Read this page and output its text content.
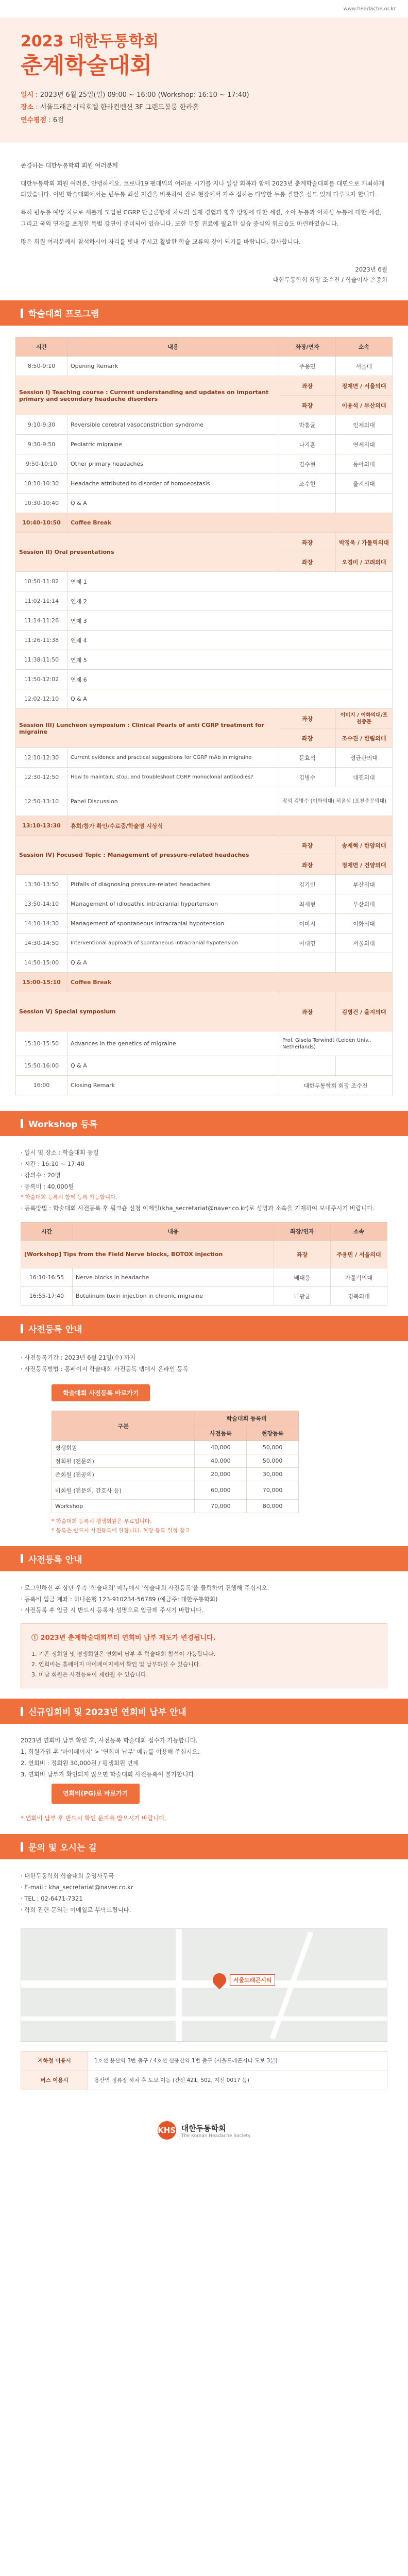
www.headache.or.kr
2023 대한두통학회
춘계학술대회
일시 : 2023년 6월 25일(일) 09:00 ~ 16:00 (Workshop: 16:10 ~ 17:40)
장소 : 서울드래곤시티호텔 한라컨벤션 3F 그랜드볼룸 한라홀
연수평점 : 6점

존경하는 대한두통학회 회원 여러분께

대한두통학회 회원 여러분, 안녕하세요. 코로나19 팬데믹의 어려운 시기를 지나 일상 회복과 함께 2023년 춘계학술대회를 대면으로 개최하게 되었습니다. 이번 학술대회에서는 편두통 최신 지견을 비롯하여 진료 현장에서 자주 접하는 다양한 두통 질환을 심도 있게 다루고자 합니다.

특히 편두통 예방 치료로 새롭게 도입된 CGRP 단클론항체 치료의 실제 경험과 향후 방향에 대한 세션, 소아 두통과 이차성 두통에 대한 세션, 그리고 국외 연자를 초청한 특별 강연이 준비되어 있습니다. 또한 두통 진료에 필요한 실습 중심의 워크숍도 마련하였습니다.

많은 회원 여러분께서 참석하시어 자리를 빛내 주시고 활발한 학술 교류의 장이 되기를 바랍니다. 감사합니다.

2023년 6월
대한두통학회 회장 조수진 / 학술이사 손종희
학술대회 프로그램
시간	내용	좌장/연자	소속
8:50-9:10	Opening Remark	주용민	서울대
Session I) Teaching course : Current understanding and updates on important primary and secondary headache disorders		좌장	정재면 / 서울의대
		좌장	이용석 / 부산의대
9:10-9:30	Reversible cerebral vasoconstriction syndrome	박홍균	인제의대
9:30-9:50	Pediatric migraine	나지훈	연세의대
9:50-10:10	Other primary headaches	김수현	동아의대
10:10-10:30	Headache attributed to disorder of homoeostasis	조수현	울지의대
10:30-10:40	Q & A		
10:40-10:50	Coffee Break		
Session II) Oral presentations		좌장	박정욱 / 가톨릭의대
		좌장	오경미 / 고려의대
10:50-11:02	연제 1		
11:02-11:14	연제 2		
11:14-11:26	연제 3		
11:26-11:38	연제 4		
11:38-11:50	연제 5		
11:50-12:02	연제 6		
12:02-12:10	Q & A		
Session III) Luncheon symposium : Clinical Pearls of anti CGRP treatment for migraine		좌장	이미지 / 이화의대/포천중문
		좌장	조수진 / 한림의대
12:10-12:30	Current evidence and practical suggestions for CGRP mAb in migraine	문효석	성균관의대
12:30-12:50	How to maintain, stop, and troubleshoot CGRP monoclonal antibodies?	김병수	대진의대
12:50-13:10	Panel Discussion	장석 김병수 (이화의대) 허윤석 (포천중문의대)	
13:10-13:30	휴회/참가 확인/수료증/학술명 시상식		
Session IV) Focused Topic : Management of pressure-related headaches		좌장	송재혁 / 한양의대
		좌장	정재면 / 건양의대
13:30-13:50	Pitfalls of diagnosing pressure-related headaches	김기빈	부산의대
13:50-14:10	Management of idiopathic intracranial hypertension	최재형	부산의대
14:10-14:30	Management of spontaneous intracranial hypotension	이미지	이화의대
14:30-14:50	Interventional approach of spontaneous intracranial hypotension	이대영	서울의대
14:50-15:00	Q & A		
15:00-15:10	Coffee Break		
Session V) Special symposium		좌장	김병건 / 을지의대
15:10-15:50	Advances in the genetics of migraine	Prof. Gisela Terwindt (Leiden Univ., Netherlands)	
15:50-16:00	Q & A		
16:00	Closing Remark	대한두통학회 회장 조수진	
Workshop 등록
· 일시 및 장소 : 학술대회 동일
· 시간 : 16:10 ~ 17:40
· 강의수 : 20명
· 등록비 : 40,000원
* 학술대회 등록시 함께 등록 가능합니다.
· 등록방법 : 학술대회 사전등록 후 워크숍 신청 이메일(kha_secretariat@naver.co.kr)로 성명과 소속을 기재하여 보내주시기 바랍니다.
시간	내용	좌장/연자	소속
[Workshop] Tips from the Field Nerve blocks, BOTOX injection		좌장	주용민 / 서울의대
16:10-16:55	Nerve blocks in headache	배대웅	가톨릭의대
16:55-17:40	Botulinum toxin injection in chronic migraine	나광균	경북의대
사전등록 안내
· 사전등록기간 : 2023년 6월 21일(수) 까지
· 사전등록방법 : 홈페이지 학술대회 사전등록 탭에서 온라인 등록
학술대회 사전등록 바로가기
구분	학술대회 등록비	
	사전등록	현장등록
평생회원	40,000	50,000
정회원 (전문의)	40,000	50,000
준회원 (전공의)	20,000	30,000
비회원 (전문의, 간호사 등)	60,000	70,000
Workshop	70,000	80,000
* 학술대회 등록시 평생회원은 무료입니다.
* 등록은 반드시 사전등록에 한합니다. 현장 등록 일정 참고
사전등록 안내
· 로그인하신 후 상단 우측 '학술대회' 메뉴에서 '학술대회 사전등록'을 클릭하여 진행해 주십시오.
· 등록비 입금 계좌 : 하나은행 123-910234-56789 (예금주: 대한두통학회)
· 사전등록 후 입금 시 반드시 등록자 성명으로 입금해 주시기 바랍니다.
ⓘ 2023년 춘계학술대회부터 연회비 납부 제도가 변경됩니다.

1. 기존 정회원 및 평생회원은 연회비 납부 후 학술대회 참석이 가능합니다.

2. 연회비는 홈페이지 마이페이지에서 확인 및 납부하실 수 있습니다.

3. 미납 회원은 사전등록이 제한될 수 있습니다.

신규입회비 및 2023년 연회비 납부 안내
2023년 연회비 납부 확인 후, 사전등록 학술대회 접수가 가능합니다.
1. 회원가입 후 '마이페이지' > '연회비 납부' 메뉴를 이용해 주십시오.
2. 연회비 : 정회원 30,000원 / 평생회원 면제
3. 연회비 납부가 확인되지 않으면 학술대회 사전등록이 불가합니다.
연회비(PG)로 바로가기
* 연회비 납부 후 반드시 확인 문자를 받으시기 바랍니다.
문의 및 오시는 길
· 대한두통학회 학술대회 운영사무국
· E-mail : kha_secretariat@naver.co.kr
· TEL : 02-6471-7321
· 학회 관련 문의는 이메일로 부탁드립니다.
서울드래곤시티
지하철 이용시	1호선 용산역 3번 출구 / 4호선 신용산역 1번 출구 (서울드래곤시티 도보 3분)
버스 이용시	용산역 정류장 하차 후 도보 이동 (간선 421, 502, 지선 0017 등)
KHS 대한두통학회
The Korean Headache Society
